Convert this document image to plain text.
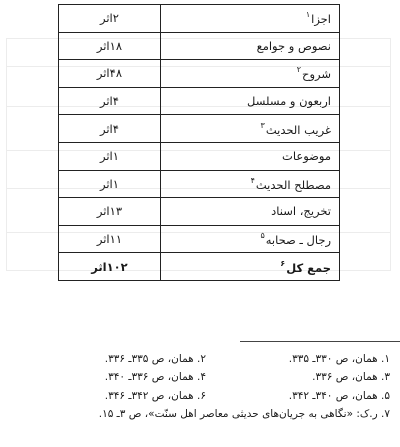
اجزا$^۱$	۲اثر
نصوص و جوامع	۱۸اثر
شروح$^۲$	۴۸اثر
اربعون و مسلسل	۴اثر
غریب الحدیث$^۳$	۴اثر
موضوعات	۱اثر
مصطلح الحدیث$^۴$	۱اثر
تخریج، اسناد	۱۳اثر
رجال ـ صحابه$^۵$	۱۱اثر
جمع کل$^۶$	۱۰۲اثر
۱. همان، ص ۳۳۰ـ ۳۳۵.
۲. همان، ص ۳۳۵ـ ۳۳۶.
۳. همان، ص ۳۳۶.
۴. همان، ص ۳۳۶ـ ۳۴۰.
۵. همان، ص ۳۴۰ـ ۳۴۲.
۶. همان، ص ۳۴۲ـ ۳۴۶.
۷. ر.ک: «نگاهی به جریان‌های حدیثی معاصر اهل سنّت»، ص ۳ـ ۱۵.
